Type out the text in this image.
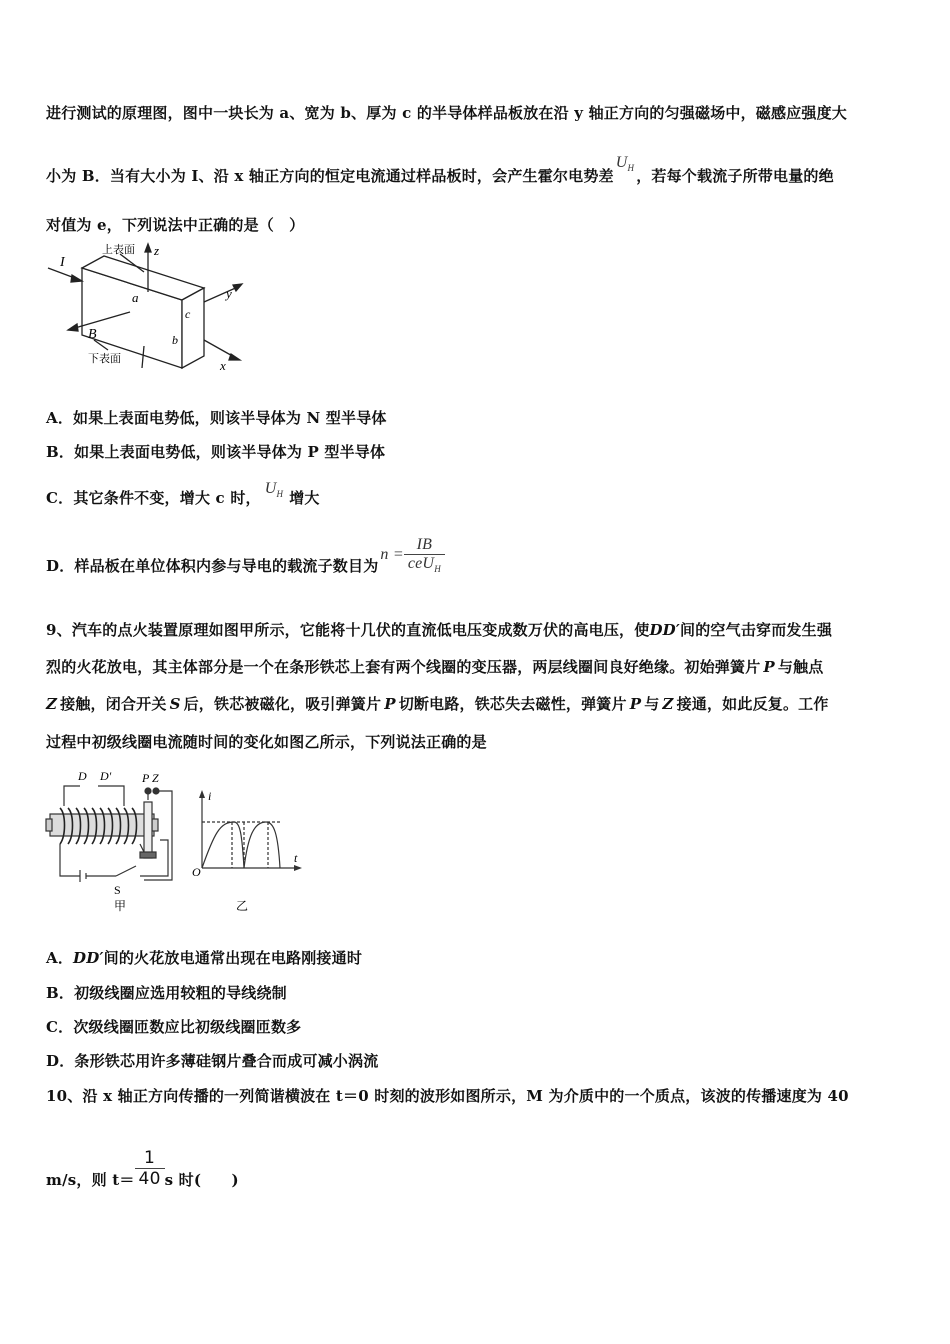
进行测试的原理图，图中一块长为 a、宽为 b、厚为 c 的半导体样品板放在沿 y 轴正方向的匀强磁场中，磁感应强度大
小为 B．当有大小为 I、沿 x 轴正方向的恒定电流通过样品板时，会产生霍尔电势差$U_H$ ，若每个载流子所带电量的绝
对值为 e，下列说法中正确的是（　）
I
上表面 z
y
a
c
b
B
下表面	x
A．如果上表面电势低，则该半导体为 N 型半导体
B．如果上表面电势低，则该半导体为 P 型半导体
C．其它条件不变，增大 c 时，$U_H$ 增大
D．样品板在单位体积内参与导电的载流子数目为$n = \frac{IB}{ceU_H}$
9、汽车的点火装置原理如图甲所示，它能将十几伏的直流低电压变成数万伏的高电压，使DD′间的空气击穿而发生强
烈的火花放电，其主体部分是一个在条形铁芯上套有两个线圈的变压器，两层线圈间良好绝缘。初始弹簧片 P 与触点
Z 接触，闭合开关 S 后，铁芯被磁化，吸引弹簧片 P 切断电路，铁芯失去磁性，弹簧片 P 与 Z 接通，如此反复。工作
过程中初级线圈电流随时间的变化如图乙所示，下列说法正确的是
D D'	P Z
S
甲
i
t
O
乙
A．DD′间的火花放电通常出现在电路刚接通时
B．初级线圈应选用较粗的导线绕制
C．次级线圈匝数应比初级线圈匝数多
D．条形铁芯用许多薄硅钢片叠合而成可减小涡流
10、沿 x 轴正方向传播的一列简谐横波在 t＝0 时刻的波形如图所示，M 为介质中的一个质点，该波的传播速度为 40
m/s，则 $t= \frac{1}{40}$ s 时(　　)
